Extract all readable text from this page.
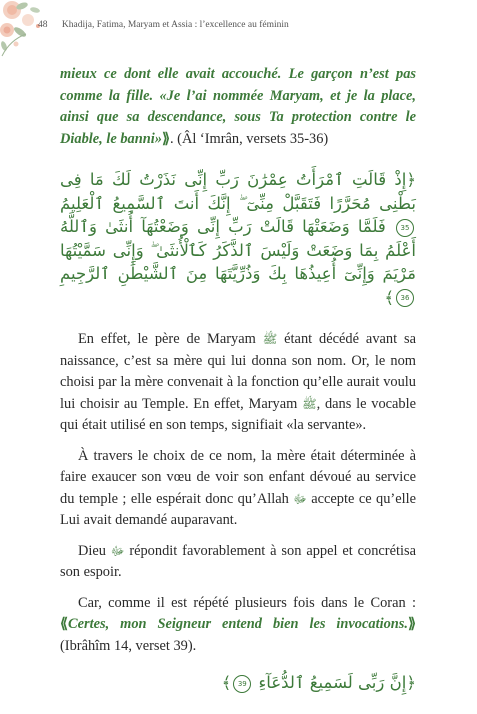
48 Khadija, Fatima, Maryam et Assia : l’excellence au féminin

mieux ce dont elle avait accouché. Le garçon n’est pas comme la fille. «Je l’ai nommée Maryam, et je la place, ainsi que sa descendance, sous Ta protection contre le Diable, le banni»⟫. (Âl ‘Imrân, versets 35-36)

﴿إِذْ قَالَتِ ٱمْرَأَتُ عِمْرَٰنَ رَبِّ إِنِّى نَذَرْتُ لَكَ مَا فِى بَطْنِى مُحَرَّرًا فَتَقَبَّلْ مِنِّىٓ ۖ إِنَّكَ أَنتَ ٱلسَّمِيعُ ٱلْعَلِيمُ 35 فَلَمَّا وَضَعَتْهَا قَالَتْ رَبِّ إِنِّى وَضَعْتُهَآ أُنثَىٰ وَٱللَّهُ أَعْلَمُ بِمَا وَضَعَتْ وَلَيْسَ ٱلذَّكَرُ كَٱلْأُنثَىٰ ۖ وَإِنِّى سَمَّيْتُهَا مَرْيَمَ وَإِنِّىٓ أُعِيذُهَا بِكَ وَذُرِّيَّتَهَا مِنَ ٱلشَّيْطَٰنِ ٱلرَّجِيمِ 36﴾

En effet, le père de Maryam ﷺ étant décédé avant sa naissance, c’est sa mère qui lui donna son nom. Or, le nom choisi par la mère convenait à la fonction qu’elle aurait voulu lui choisir au Temple. En effet, Maryam ﷺ, dans le vocable qui était utilisé en son temps, signifiait «la servante».

À travers le choix de ce nom, la mère était déterminée à faire exaucer son vœu de voir son enfant dévoué au service du temple ; elle espérait donc qu’Allah ﷻ accepte ce qu’elle Lui avait demandé auparavant.

Dieu ﷻ répondit favorablement à son appel et concrétisa son espoir.

Car, comme il est répété plusieurs fois dans le Coran : ⟪Certes, mon Seigneur entend bien les invocations.⟫ (Ibrâhîm 14, verset 39).

﴿إِنَّ رَبِّى لَسَمِيعُ ٱلدُّعَآءِ 39﴾
